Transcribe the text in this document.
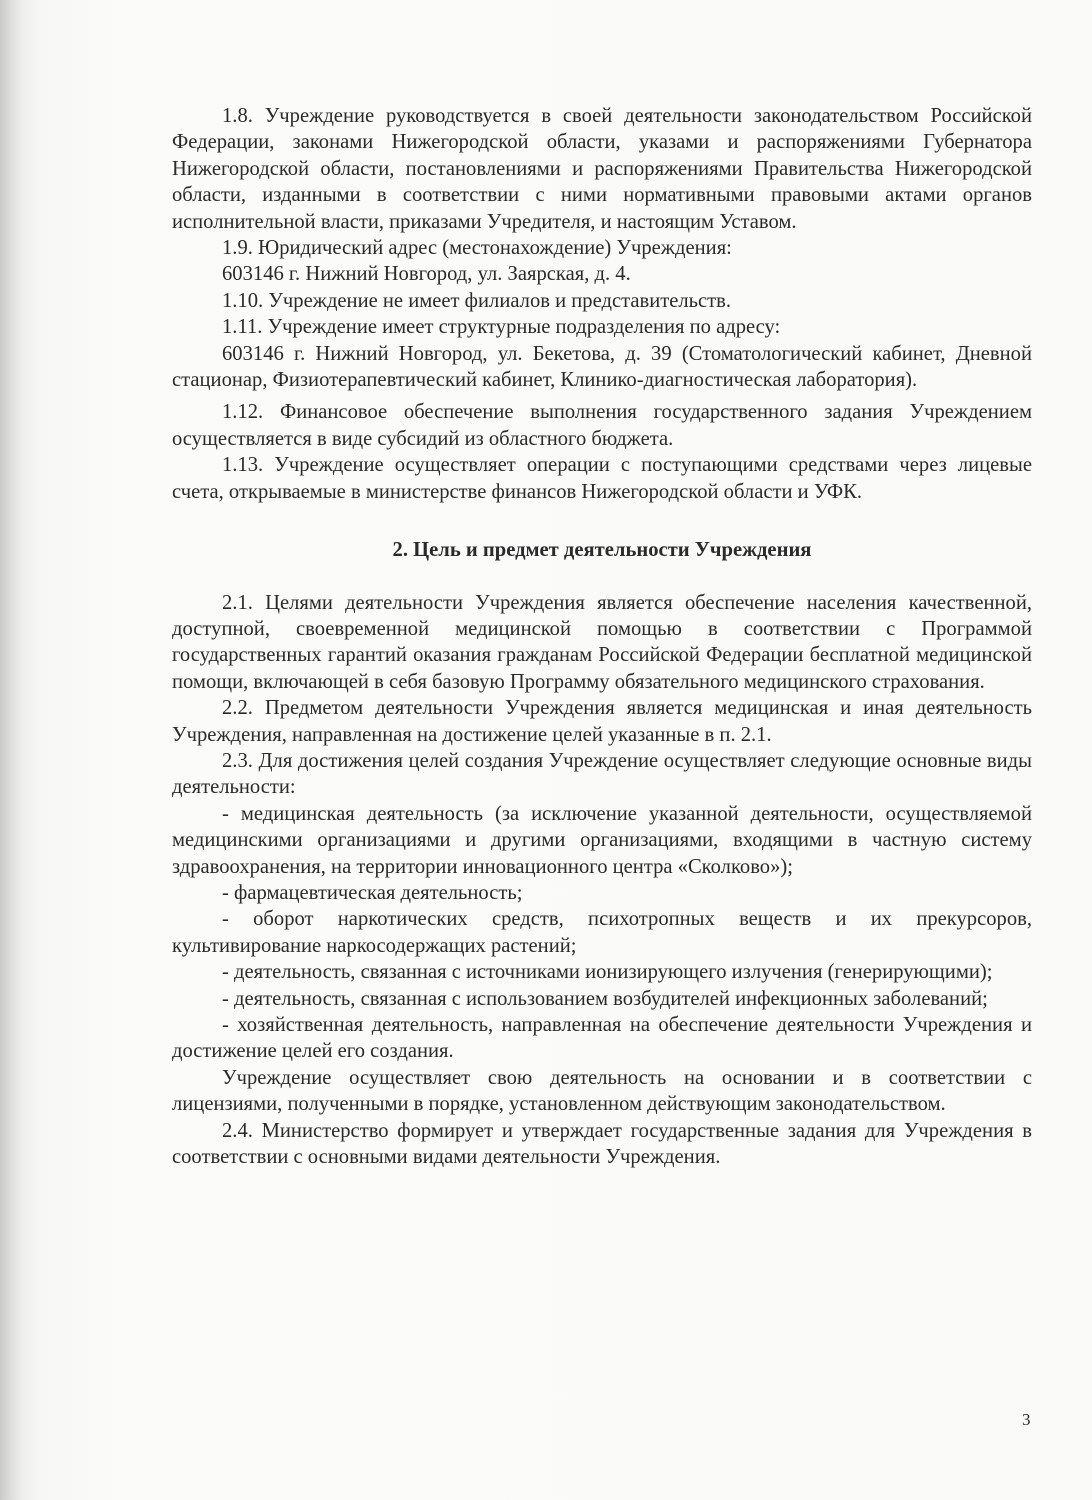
1.8. Учреждение руководствуется в своей деятельности законодательством Российской Федерации, законами Нижегородской области, указами и распоряжениями Губернатора Нижегородской области, постановлениями и распоряжениями Правительства Нижегородской области, изданными в соответствии с ними нормативными правовыми актами органов исполнительной власти, приказами Учредителя, и настоящим Уставом.

1.9. Юридический адрес (местонахождение) Учреждения:

603146 г. Нижний Новгород, ул. Заярская, д. 4.

1.10. Учреждение не имеет филиалов и представительств.

1.11. Учреждение имеет структурные подразделения по адресу:

603146 г. Нижний Новгород, ул. Бекетова, д. 39 (Стоматологический кабинет, Дневной стационар, Физиотерапевтический кабинет, Клинико-диагностическая лаборатория).

1.12. Финансовое обеспечение выполнения государственного задания Учреждением осуществляется в виде субсидий из областного бюджета.

1.13. Учреждение осуществляет операции с поступающими средствами через лицевые счета, открываемые в министерстве финансов Нижегородской области и УФК.

2. Цель и предмет деятельности Учреждения

2.1. Целями деятельности Учреждения является обеспечение населения качественной, доступной, своевременной медицинской помощью в соответствии с Программой государственных гарантий оказания гражданам Российской Федерации бесплатной медицинской помощи, включающей в себя базовую Программу обязательного медицинского страхования.

2.2. Предметом деятельности Учреждения является медицинская и иная деятельность Учреждения, направленная на достижение целей указанные в п. 2.1.

2.3. Для достижения целей создания Учреждение осуществляет следующие основные виды деятельности:

- медицинская деятельность (за исключение указанной деятельности, осуществляемой медицинскими организациями и другими организациями, входящими в частную систему здравоохранения, на территории инновационного центра «Сколково»);

- фармацевтическая деятельность;

- оборот наркотических средств, психотропных веществ и их прекурсоров, культивирование наркосодержащих растений;

- деятельность, связанная с источниками ионизирующего излучения (генерирующими);

- деятельность, связанная с использованием возбудителей инфекционных заболеваний;

- хозяйственная деятельность, направленная на обеспечение деятельности Учреждения и достижение целей его создания.

Учреждение осуществляет свою деятельность на основании и в соответствии с лицензиями, полученными в порядке, установленном действующим законодательством.

2.4. Министерство формирует и утверждает государственные задания для Учреждения в соответствии с основными видами деятельности Учреждения.

3
